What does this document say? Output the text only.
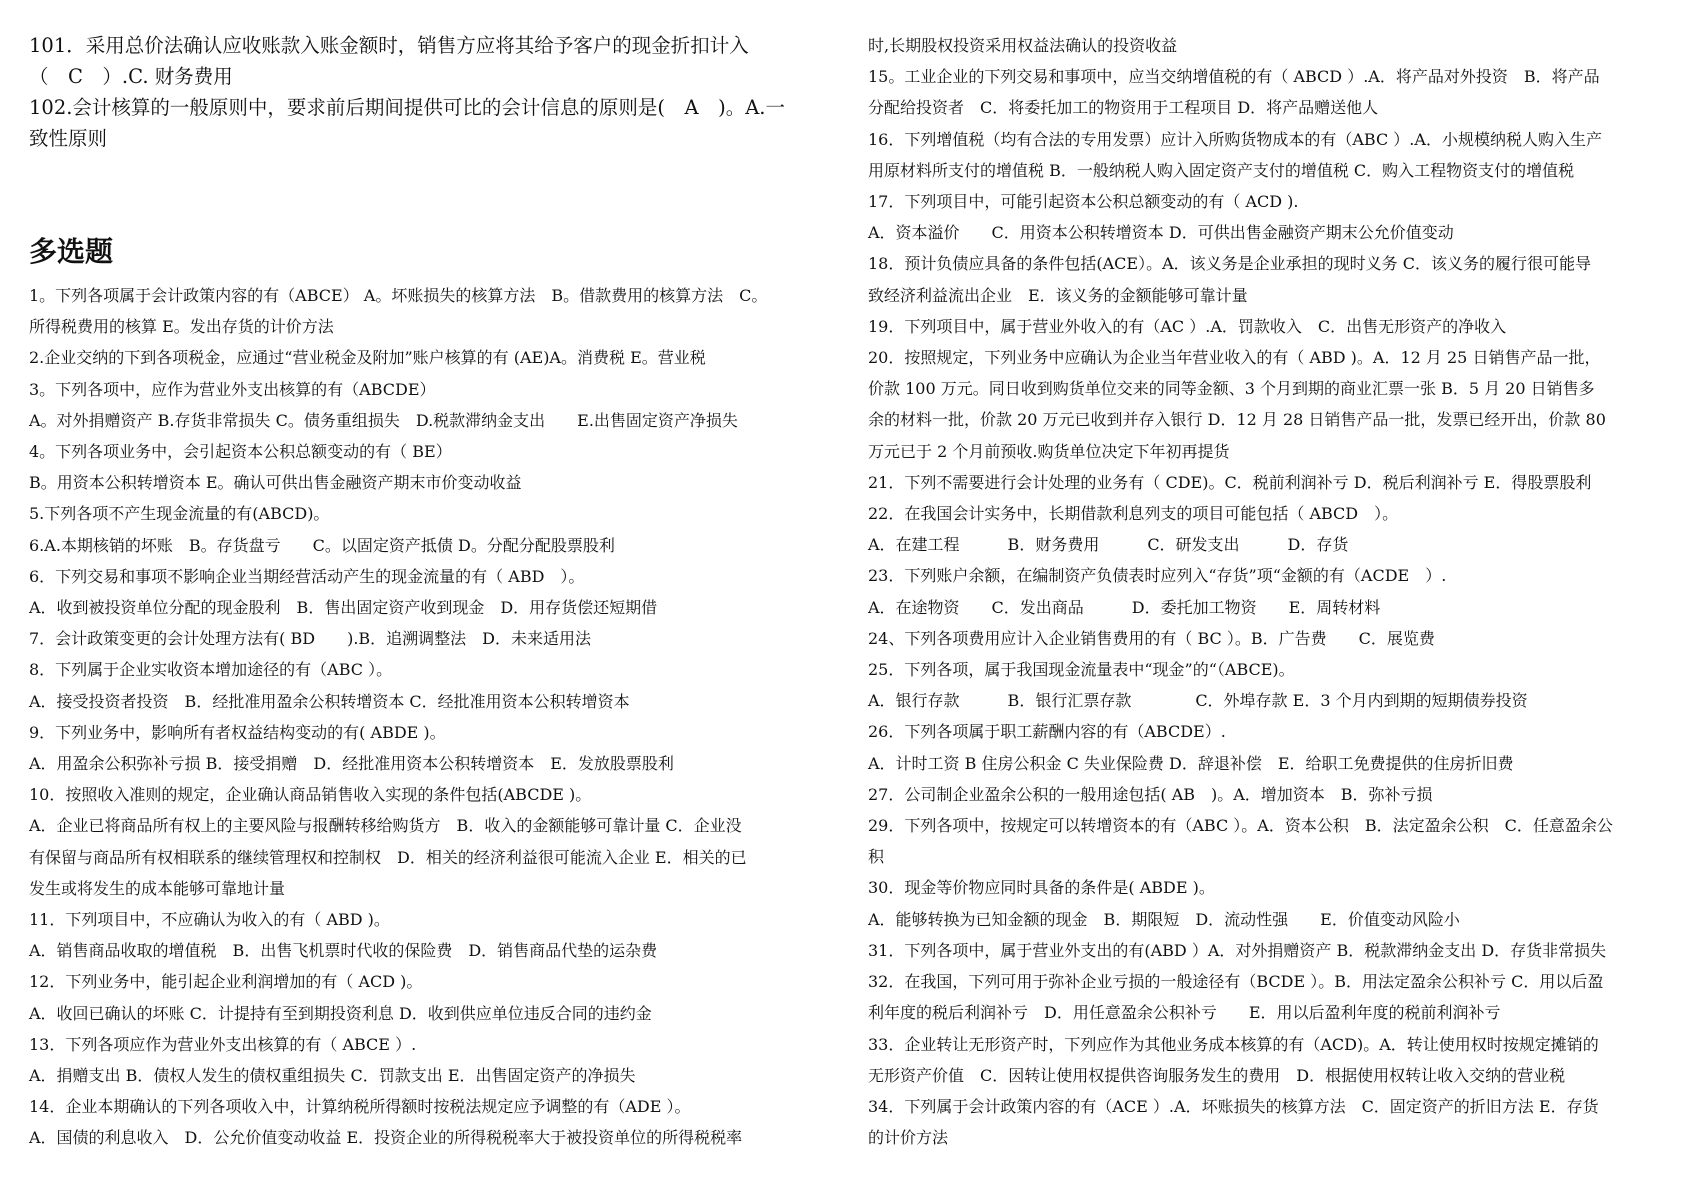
101．采用总价法确认应收账款入账金额时，销售方应将其给予客户的现金折扣计入

（　C　）.C. 财务费用

102.会计核算的一般原则中，要求前后期间提供可比的会计信息的原则是(　A　)。A.一

致性原则

多选题

1。下列各项属于会计政策内容的有（ABCE） A。坏账损失的核算方法　B。借款费用的核算方法　C。

所得税费用的核算 E。发出存货的计价方法

2.企业交纳的下到各项税金，应通过“营业税金及附加”账户核算的有 (AE)A。消费税 E。营业税

3。下列各项中，应作为营业外支出核算的有（ABCDE）

A。对外捐赠资产 B.存货非常损失 C。债务重组损失　D.税款滞纳金支出　　E.出售固定资产净损失

4。下列各项业务中，会引起资本公积总额变动的有（ BE）

B。用资本公积转增资本 E。确认可供出售金融资产期末市价变动收益

5.下列各项不产生现金流量的有(ABCD)。

6.A.本期核销的坏账　B。存货盘亏　　C。以固定资产抵债 D。分配分配股票股利

6．下列交易和事项不影响企业当期经营活动产生的现金流量的有（ ABD　）。

A．收到被投资单位分配的现金股利　B．售出固定资产收到现金　D．用存货偿还短期借

7．会计政策变更的会计处理方法有( BD　　).B．追溯调整法　D．未来适用法

8．下列属于企业实收资本增加途径的有（ABC ）。

A．接受投资者投资　B．经批准用盈余公积转增资本 C．经批准用资本公积转增资本

9．下列业务中，影响所有者权益结构变动的有( ABDE )。

A．用盈余公积弥补亏损 B．接受捐赠　D．经批准用资本公积转增资本　E．发放股票股利

10．按照收入准则的规定，企业确认商品销售收入实现的条件包括(ABCDE )。

A．企业已将商品所有权上的主要风险与报酬转移给购货方　B．收入的金额能够可靠计量 C．企业没

有保留与商品所有权相联系的继续管理权和控制权　D．相关的经济利益很可能流入企业 E．相关的已

发生或将发生的成本能够可靠地计量

11．下列项目中，不应确认为收入的有（ ABD )。

A．销售商品收取的增值税　B．出售飞机票时代收的保险费　D．销售商品代垫的运杂费

12．下列业务中，能引起企业利润增加的有（ ACD )。

A．收回已确认的坏账 C．计提持有至到期投资利息 D．收到供应单位违反合同的违约金

13．下列各项应作为营业外支出核算的有（ ABCE ）.

A．捐赠支出 B．债权人发生的债权重组损失 C．罚款支出 E．出售固定资产的净损失

14．企业本期确认的下列各项收入中，计算纳税所得额时按税法规定应予调整的有（ADE ）。

A．国债的利息收入　D．公允价值变动收益 E．投资企业的所得税税率大于被投资单位的所得税税率

时,长期股权投资采用权益法确认的投资收益

15。工业企业的下列交易和事项中，应当交纳增值税的有（ ABCD ）.A．将产品对外投资　B．将产品

分配给投资者　C．将委托加工的物资用于工程项目 D．将产品赠送他人

16．下列增值税（均有合法的专用发票）应计入所购货物成本的有（ABC ）.A．小规模纳税人购入生产

用原材料所支付的增值税 B．一般纳税人购入固定资产支付的增值税 C．购入工程物资支付的增值税

17．下列项目中，可能引起资本公积总额变动的有（ ACD ).

A．资本溢价　　C．用资本公积转增资本 D．可供出售金融资产期末公允价值变动

18．预计负债应具备的条件包括(ACE）。A．该义务是企业承担的现时义务 C．该义务的履行很可能导

致经济利益流出企业　E．该义务的金额能够可靠计量

19．下列项目中，属于营业外收入的有（AC ）.A．罚款收入　C．出售无形资产的净收入

20．按照规定，下列业务中应确认为企业当年营业收入的有（ ABD )。A．12 月 25 日销售产品一批，

价款 100 万元。同日收到购货单位交来的同等金额、3 个月到期的商业汇票一张 B．5 月 20 日销售多

余的材料一批，价款 20 万元已收到并存入银行 D．12 月 28 日销售产品一批，发票已经开出，价款 80

万元已于 2 个月前预收.购货单位决定下年初再提货

21．下列不需要进行会计处理的业务有（ CDE)。C．税前利润补亏 D．税后利润补亏 E．得股票股利

22．在我国会计实务中，长期借款利息列支的项目可能包括（ ABCD　）。

A．在建工程　　　B．财务费用　　　C．研发支出　　　D．存货

23．下列账户余额，在编制资产负债表时应列入“存货”项“金额的有（ACDE　）.

A．在途物资　　C．发出商品　　　D．委托加工物资　　E．周转材料

24、下列各项费用应计入企业销售费用的有（ BC ）。B．广告费　　C．展览费

25．下列各项，属于我国现金流量表中“现金”的“（ABCE)。

A．银行存款　　　B．银行汇票存款　　　　C．外埠存款 E．3 个月内到期的短期债券投资

26．下列各项属于职工薪酬内容的有（ABCDE）.

A．计时工资 B 住房公积金 C 失业保险费 D．辞退补偿　E．给职工免费提供的住房折旧费

27．公司制企业盈余公积的一般用途包括( AB　)。A．增加资本　B．弥补亏损

29．下列各项中，按规定可以转增资本的有（ABC ）。A．资本公积　B．法定盈余公积　C．任意盈余公

积

30．现金等价物应同时具备的条件是( ABDE )。

A．能够转换为已知金额的现金　B．期限短　D．流动性强　　E．价值变动风险小

31．下列各项中，属于营业外支出的有(ABD ）A．对外捐赠资产 B．税款滞纳金支出 D．存货非常损失

32．在我国，下列可用于弥补企业亏损的一般途径有（BCDE ）。B．用法定盈余公积补亏 C．用以后盈

利年度的税后利润补亏　D．用任意盈余公积补亏　　E．用以后盈利年度的税前利润补亏

33．企业转让无形资产时，下列应作为其他业务成本核算的有（ACD)。A．转让使用权时按规定摊销的

无形资产价值　C．因转让使用权提供咨询服务发生的费用　D．根据使用权转让收入交纳的营业税

34．下列属于会计政策内容的有（ACE ）.A．坏账损失的核算方法　C．固定资产的折旧方法 E．存货

的计价方法
